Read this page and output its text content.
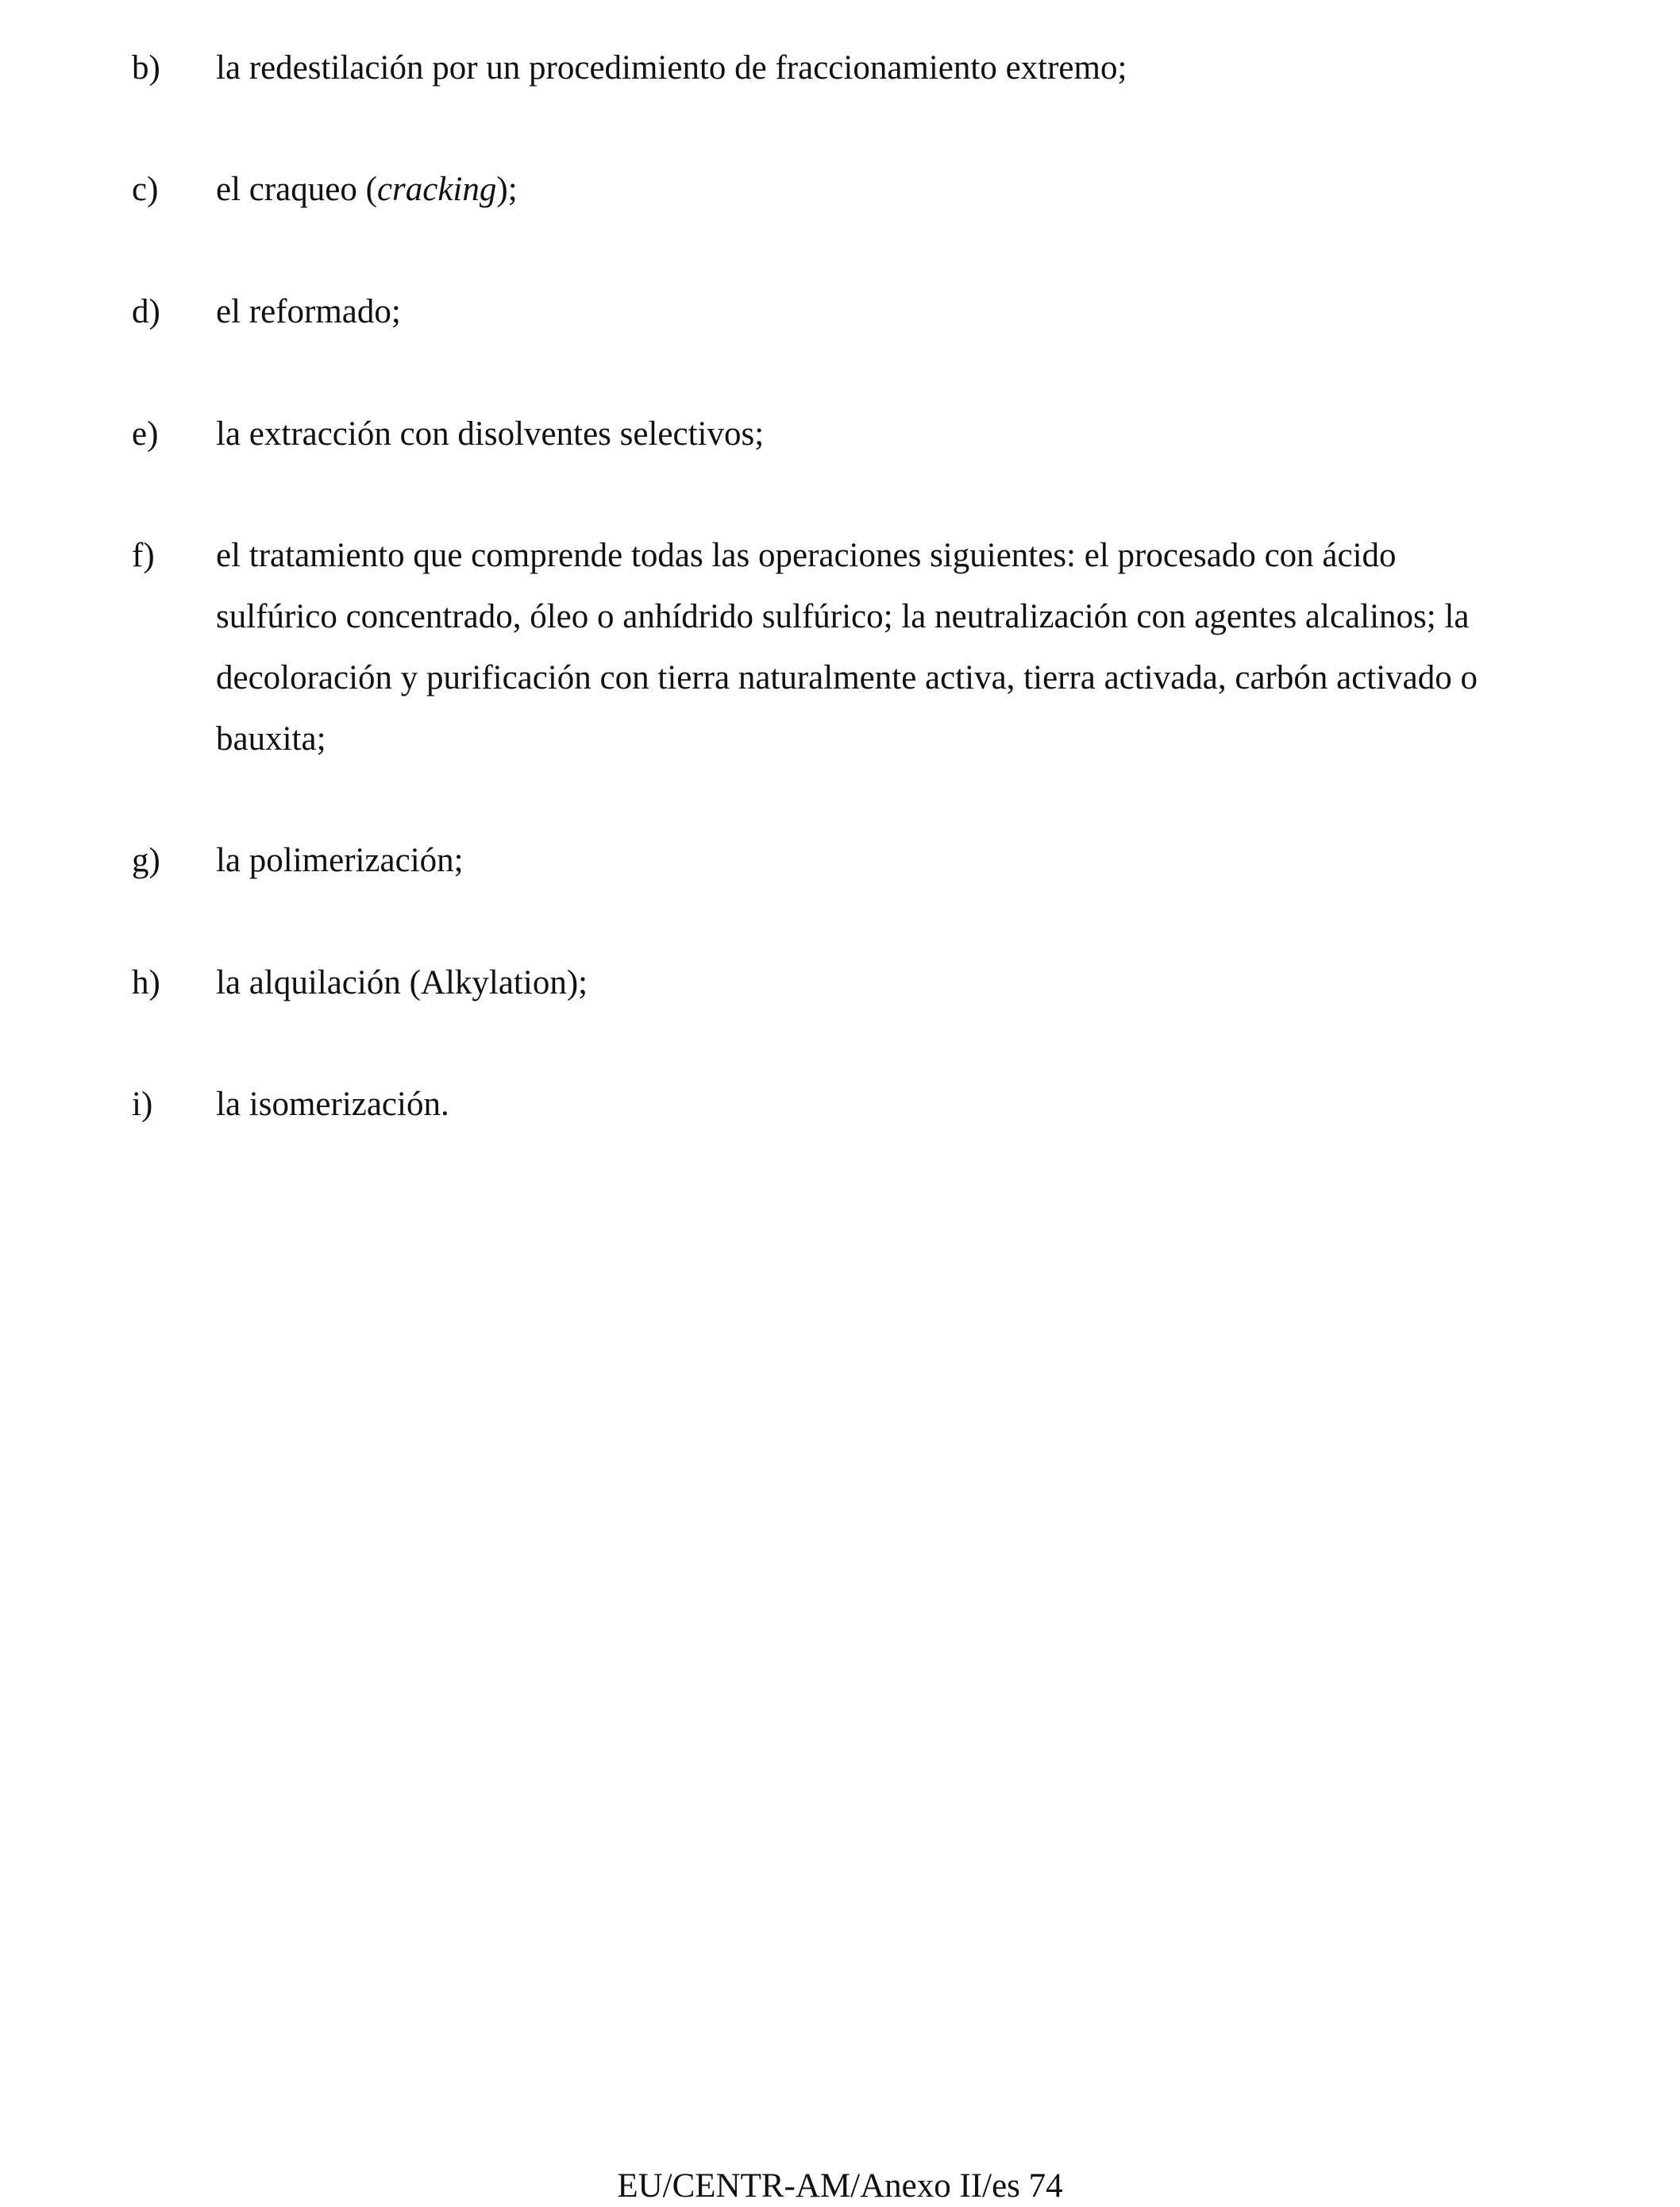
b) la redestilación por un procedimiento de fraccionamiento extremo;
c) el craqueo (cracking);
d) el reformado;
e) la extracción con disolventes selectivos;
f) el tratamiento que comprende todas las operaciones siguientes: el procesado con ácido
sulfúrico concentrado, óleo o anhídrido sulfúrico; la neutralización con agentes alcalinos; la
decoloración y purificación con tierra naturalmente activa, tierra activada, carbón activado o
bauxita;
g) la polimerización;
h) la alquilación (Alkylation);
i) la isomerización.
EU/CENTR-AM/Anexo II/es 74
